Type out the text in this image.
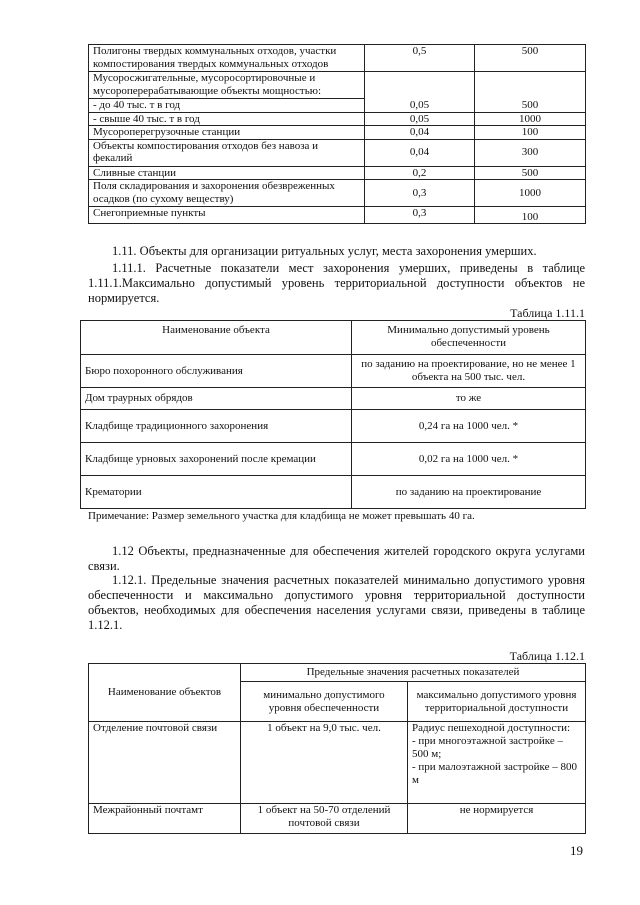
Полигоны твердых коммунальных отходов, участки компостирования твердых коммунальных отходов	0,5	500
Мусоросжигательные, мусоросортировочные и мусороперерабатывающие объекты мощностью:		
- до 40 тыс. т в год	0,05	500
- свыше 40 тыс. т в год	0,05	1000
Мусороперегрузочные станции	0,04	100
Объекты компостирования отходов без навоза и фекалий	0,04	300
Сливные станции	0,2	500
Поля складирования и захоронения обезвреженных осадков (по сухому веществу)	0,3	1000
Снегоприемные пункты	0,3	100
1.11. Объекты для организации ритуальных услуг, места захоронения умерших.
1.11.1. Расчетные показатели мест захоронения умерших, приведены в таблице 1.11.1.Максимально допустимый уровень территориальной доступности объектов не нормируется.
Таблица 1.11.1
Наименование объекта	Минимально допустимый уровень обеспеченности
Бюро похоронного обслуживания	по заданию на проектирование, но не менее 1 объекта на 500 тыс. чел.
Дом траурных обрядов	то же
Кладбище традиционного захоронения	0,24 га на 1000 чел. *
Кладбище урновых захоронений после кремации	0,02 га на 1000 чел. *
Крематории	по заданию на проектирование
Примечание: Размер земельного участка для кладбища не может превышать 40 га.
1.12 Объекты, предназначенные для обеспечения жителей городского округа услугами связи.
1.12.1. Предельные значения расчетных показателей минимально допустимого уровня обеспеченности и максимально допустимого уровня территориальной доступности объектов, необходимых для обеспечения населения услугами связи, приведены в таблице 1.12.1.
Таблица 1.12.1
Наименование объектов	Предельные значения расчетных показателей	
	минимально допустимого уровня обеспеченности	максимально допустимого уровня территориальной доступности
Отделение почтовой связи	1 объект на 9,0 тыс. чел.	Радиус пешеходной доступности:
- при многоэтажной застройке – 500 м;
- при малоэтажной застройке – 800 м

Межрайонный почтамт	1 объект на 50-70 отделений почтовой связи	не нормируется
19
